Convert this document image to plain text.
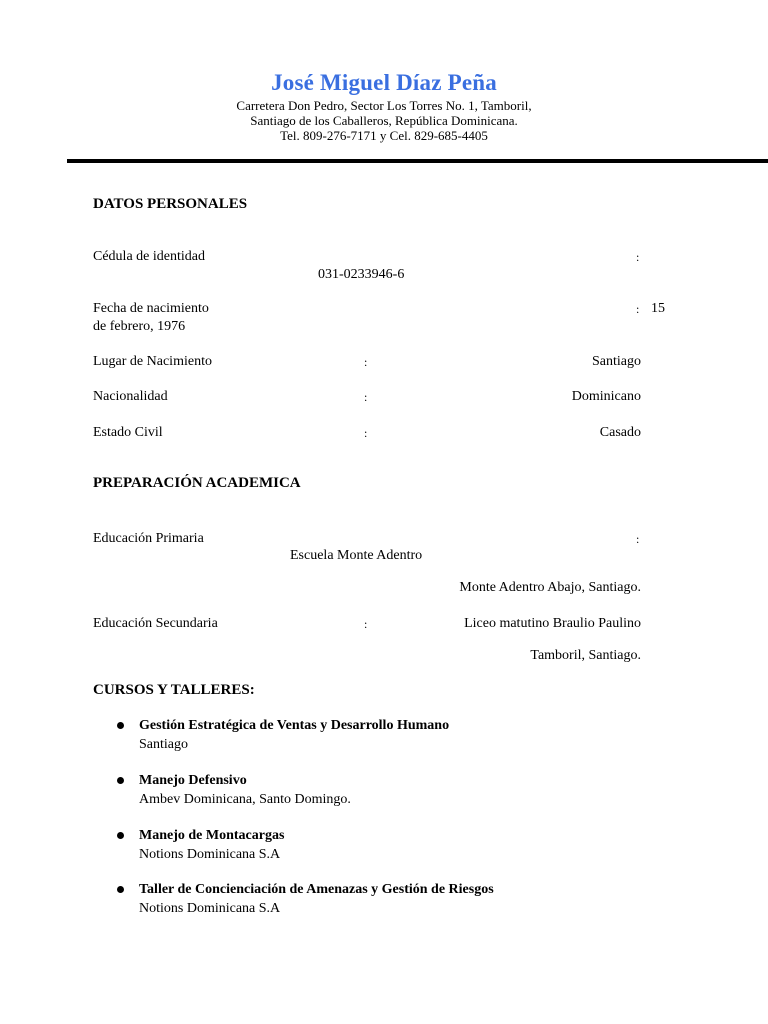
José Miguel Díaz Peña
Carretera Don Pedro, Sector Los Torres No. 1, Tamboril,
Santiago de los Caballeros, República Dominicana.
Tel. 809-276-7171 y Cel. 829-685-4405
DATOS PERSONALES
Cédula de identidad	:
031-0233946-6
Fecha de nacimiento	: 15
de febrero, 1976
Lugar de Nacimiento	:	Santiago
Nacionalidad	:	Dominicano
Estado Civil	:	Casado
PREPARACIÓN ACADEMICA
Educación Primaria	:
Escuela Monte Adentro
Monte Adentro Abajo, Santiago.
Educación Secundaria	:	Liceo matutino Braulio Paulino
Tamboril, Santiago.
CURSOS Y TALLERES:
Gestión Estratégica de Ventas y Desarrollo Humano
Santiago
Manejo Defensivo
Ambev Dominicana, Santo Domingo.
Manejo de Montacargas
Notions Dominicana S.A
Taller de Concienciación de Amenazas y Gestión de Riesgos
Notions Dominicana S.A
